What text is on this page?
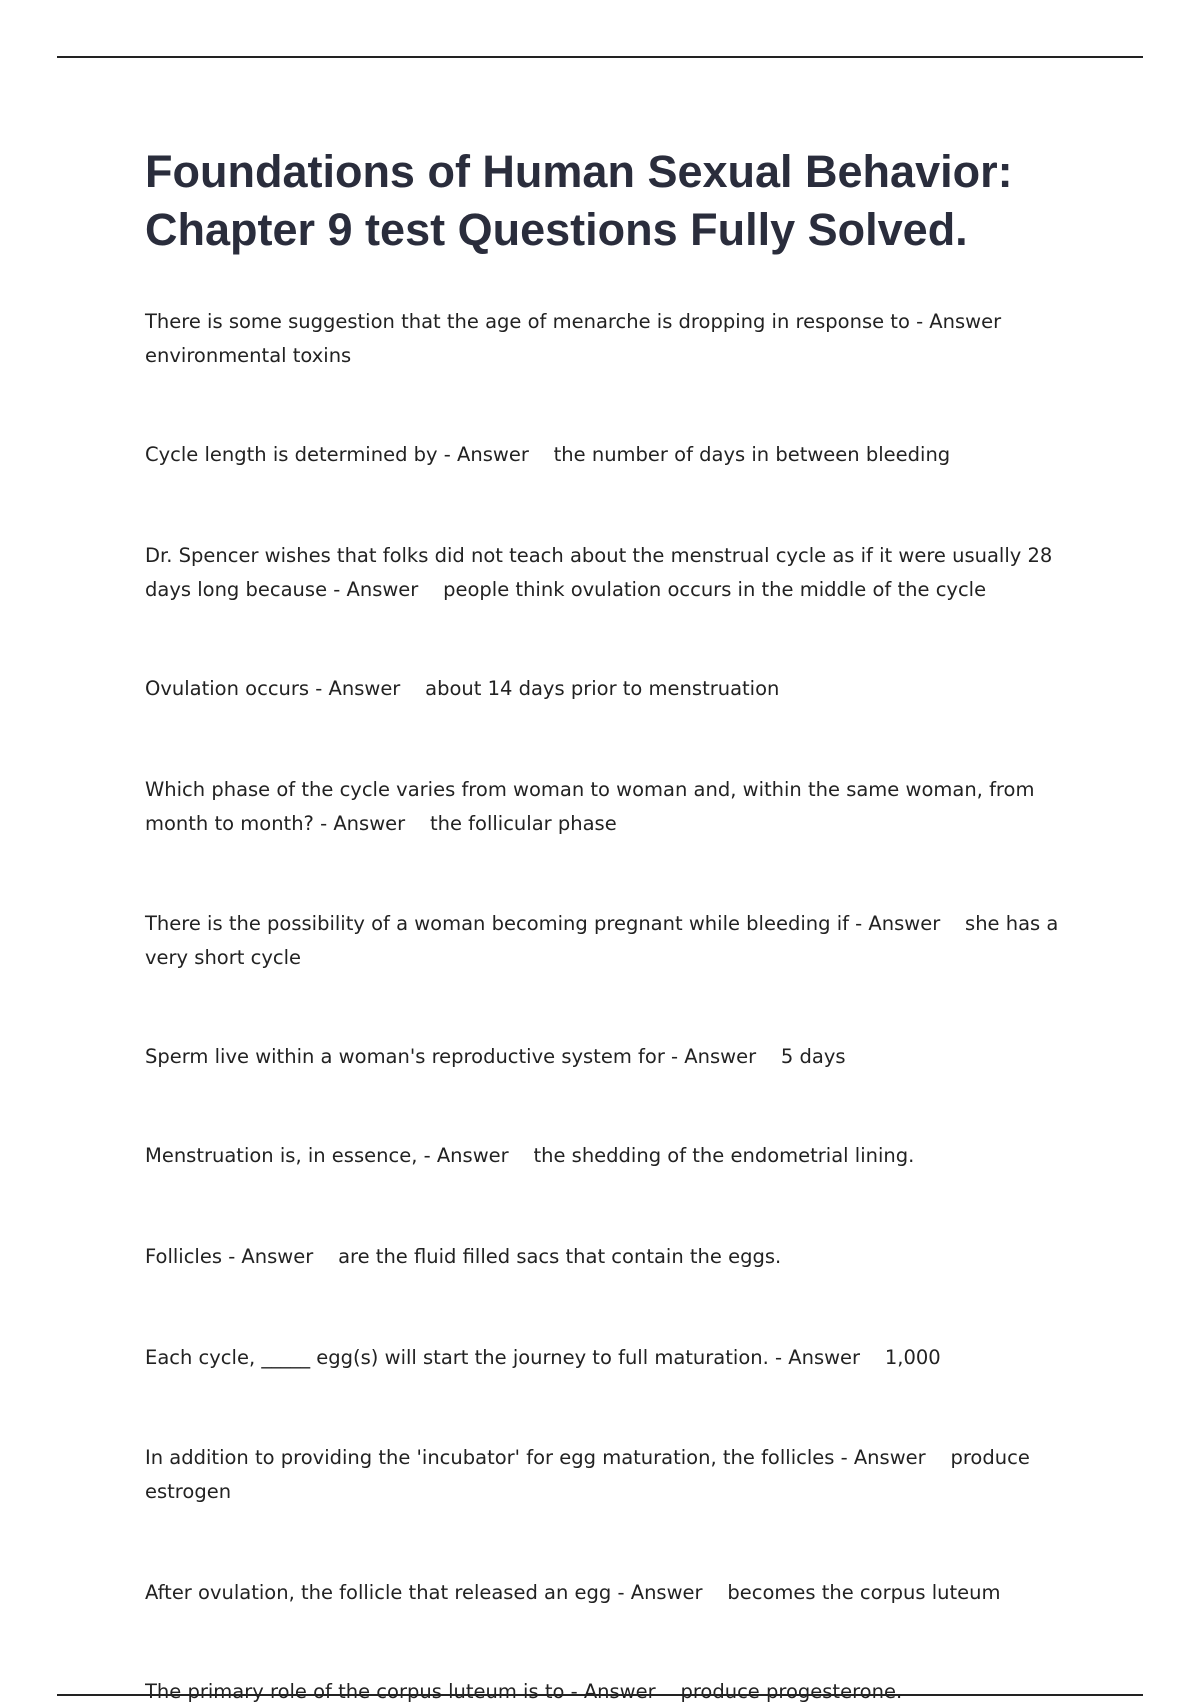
Foundations of Human Sexual Behavior: Chapter 9 test Questions Fully Solved.

There is some suggestion that the age of menarche is dropping in response to - Answer environmental toxins

Cycle length is determined by - Answer the number of days in between bleeding

Dr. Spencer wishes that folks did not teach about the menstrual cycle as if it were usually 28 days long because - Answer people think ovulation occurs in the middle of the cycle

Ovulation occurs - Answer about 14 days prior to menstruation

Which phase of the cycle varies from woman to woman and, within the same woman, from month to month? - Answer the follicular phase

There is the possibility of a woman becoming pregnant while bleeding if - Answer she has a very short cycle

Sperm live within a woman's reproductive system for - Answer 5 days

Menstruation is, in essence, - Answer the shedding of the endometrial lining.

Follicles - Answer are the fluid filled sacs that contain the eggs.

Each cycle, _____ egg(s) will start the journey to full maturation. - Answer 1,000

In addition to providing the 'incubator' for egg maturation, the follicles - Answer produce estrogen

After ovulation, the follicle that released an egg - Answer becomes the corpus luteum

The primary role of the corpus luteum is to - Answer produce progesterone.
